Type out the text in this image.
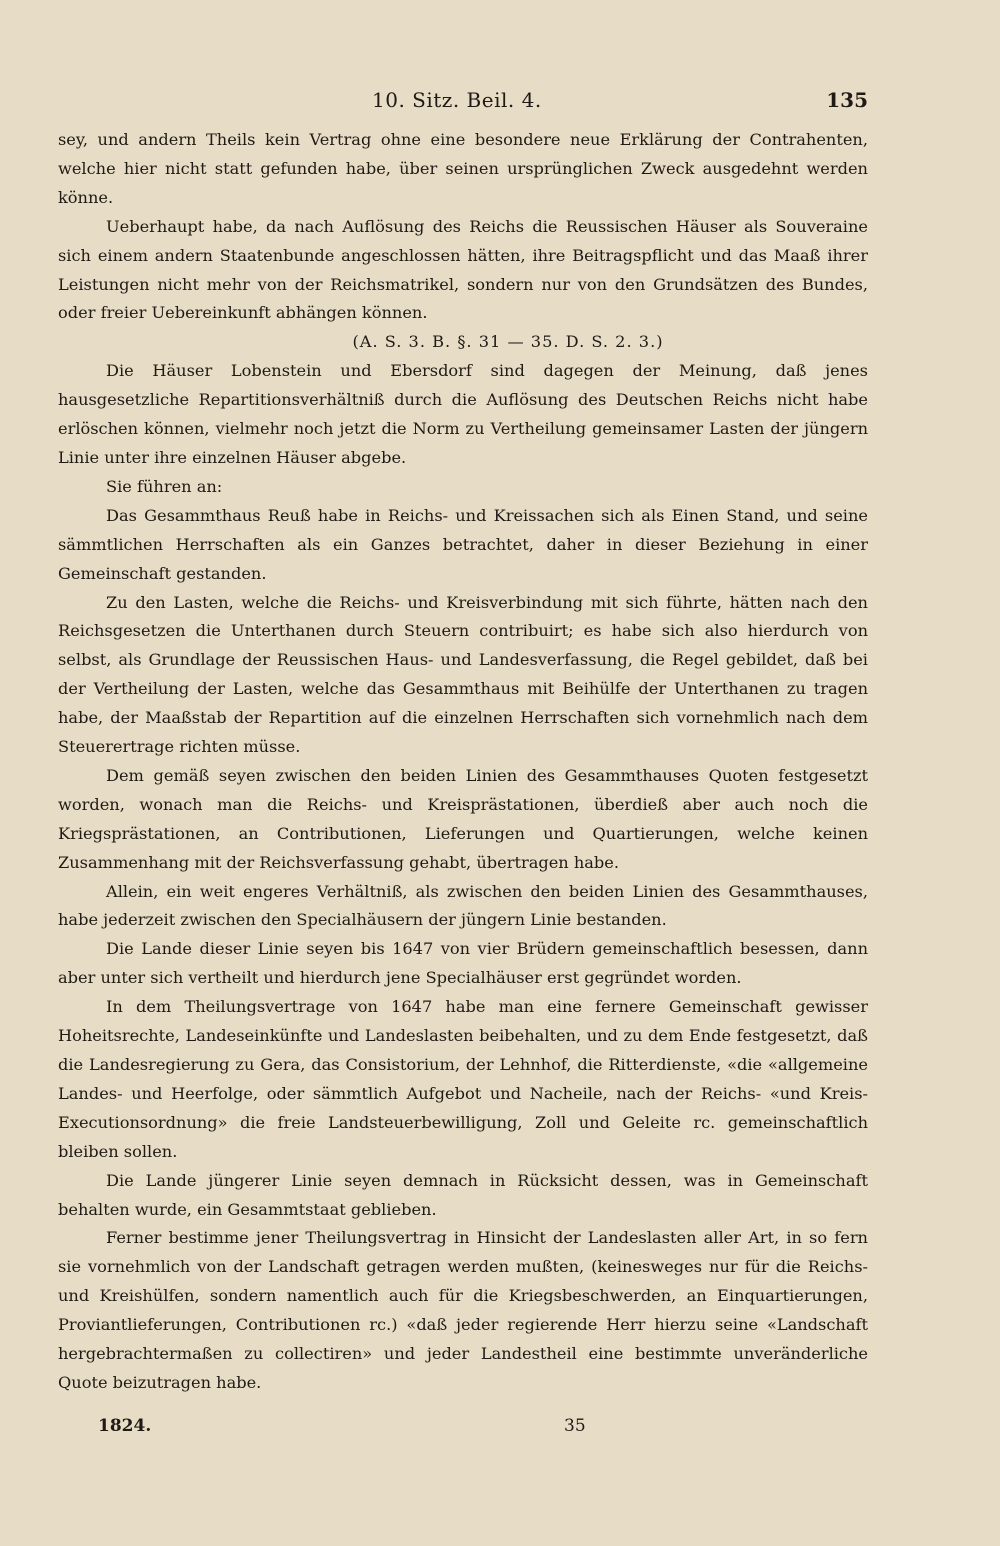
10. Sitz. Beil. 4.	135

sey, und andern Theils kein Vertrag ohne eine besondere neue Erklärung der Contrahenten, welche hier nicht statt gefunden habe, über seinen ursprünglichen Zweck ausgedehnt werden könne.

Ueberhaupt habe, da nach Auflösung des Reichs die Reussischen Häuser als Souveraine sich einem andern Staatenbunde angeschlossen hätten, ihre Beitragspflicht und das Maaß ihrer Leistungen nicht mehr von der Reichsmatrikel, sondern nur von den Grundsätzen des Bundes, oder freier Uebereinkunft abhängen können.

(A. S. 3. B. §. 31 — 35. D. S. 2. 3.)

Die Häuser Lobenstein und Ebersdorf sind dagegen der Meinung, daß jenes hausgesetzliche Repartitionsverhältniß durch die Auflösung des Deutschen Reichs nicht habe erlöschen können, vielmehr noch jetzt die Norm zu Vertheilung gemeinsamer Lasten der jüngern Linie unter ihre einzelnen Häuser abgebe.

Sie führen an:

Das Gesammthaus Reuß habe in Reichs- und Kreissachen sich als Einen Stand, und seine sämmtlichen Herrschaften als ein Ganzes betrachtet, daher in dieser Beziehung in einer Gemeinschaft gestanden.

Zu den Lasten, welche die Reichs- und Kreisverbindung mit sich führte, hätten nach den Reichsgesetzen die Unterthanen durch Steuern contribuirt; es habe sich also hierdurch von selbst, als Grundlage der Reussischen Haus- und Landesverfassung, die Regel gebildet, daß bei der Vertheilung der Lasten, welche das Gesammthaus mit Beihülfe der Unterthanen zu tragen habe, der Maaßstab der Repartition auf die einzelnen Herrschaften sich vornehmlich nach dem Steuerertrage richten müsse.

Dem gemäß seyen zwischen den beiden Linien des Gesammthauses Quoten festgesetzt worden, wonach man die Reichs- und Kreisprästationen, überdieß aber auch noch die Kriegsprästationen, an Contributionen, Lieferungen und Quartierungen, welche keinen Zusammenhang mit der Reichsverfassung gehabt, übertragen habe.

Allein, ein weit engeres Verhältniß, als zwischen den beiden Linien des Gesammthauses, habe jederzeit zwischen den Specialhäusern der jüngern Linie bestanden.

Die Lande dieser Linie seyen bis 1647 von vier Brüdern gemeinschaftlich besessen, dann aber unter sich vertheilt und hierdurch jene Specialhäuser erst gegründet worden.

In dem Theilungsvertrage von 1647 habe man eine fernere Gemeinschaft gewisser Hoheitsrechte, Landeseinkünfte und Landeslasten beibehalten, und zu dem Ende festgesetzt, daß die Landesregierung zu Gera, das Consistorium, der Lehnhof, die Ritterdienste, «die «allgemeine Landes- und Heerfolge, oder sämmtlich Aufgebot und Nacheile, nach der Reichs- «und Kreis-Executionsordnung» die freie Landsteuerbewilligung, Zoll und Geleite rc. gemeinschaftlich bleiben sollen.

Die Lande jüngerer Linie seyen demnach in Rücksicht dessen, was in Gemeinschaft behalten wurde, ein Gesammtstaat geblieben.

Ferner bestimme jener Theilungsvertrag in Hinsicht der Landeslasten aller Art, in so fern sie vornehmlich von der Landschaft getragen werden mußten, (keinesweges nur für die Reichs- und Kreishülfen, sondern namentlich auch für die Kriegsbeschwerden, an Einquartierungen, Proviantlieferungen, Contributionen rc.) «daß jeder regierende Herr hierzu seine «Landschaft hergebrachtermaßen zu collectiren» und jeder Landestheil eine bestimmte unveränderliche Quote beizutragen habe.

1824.	35
